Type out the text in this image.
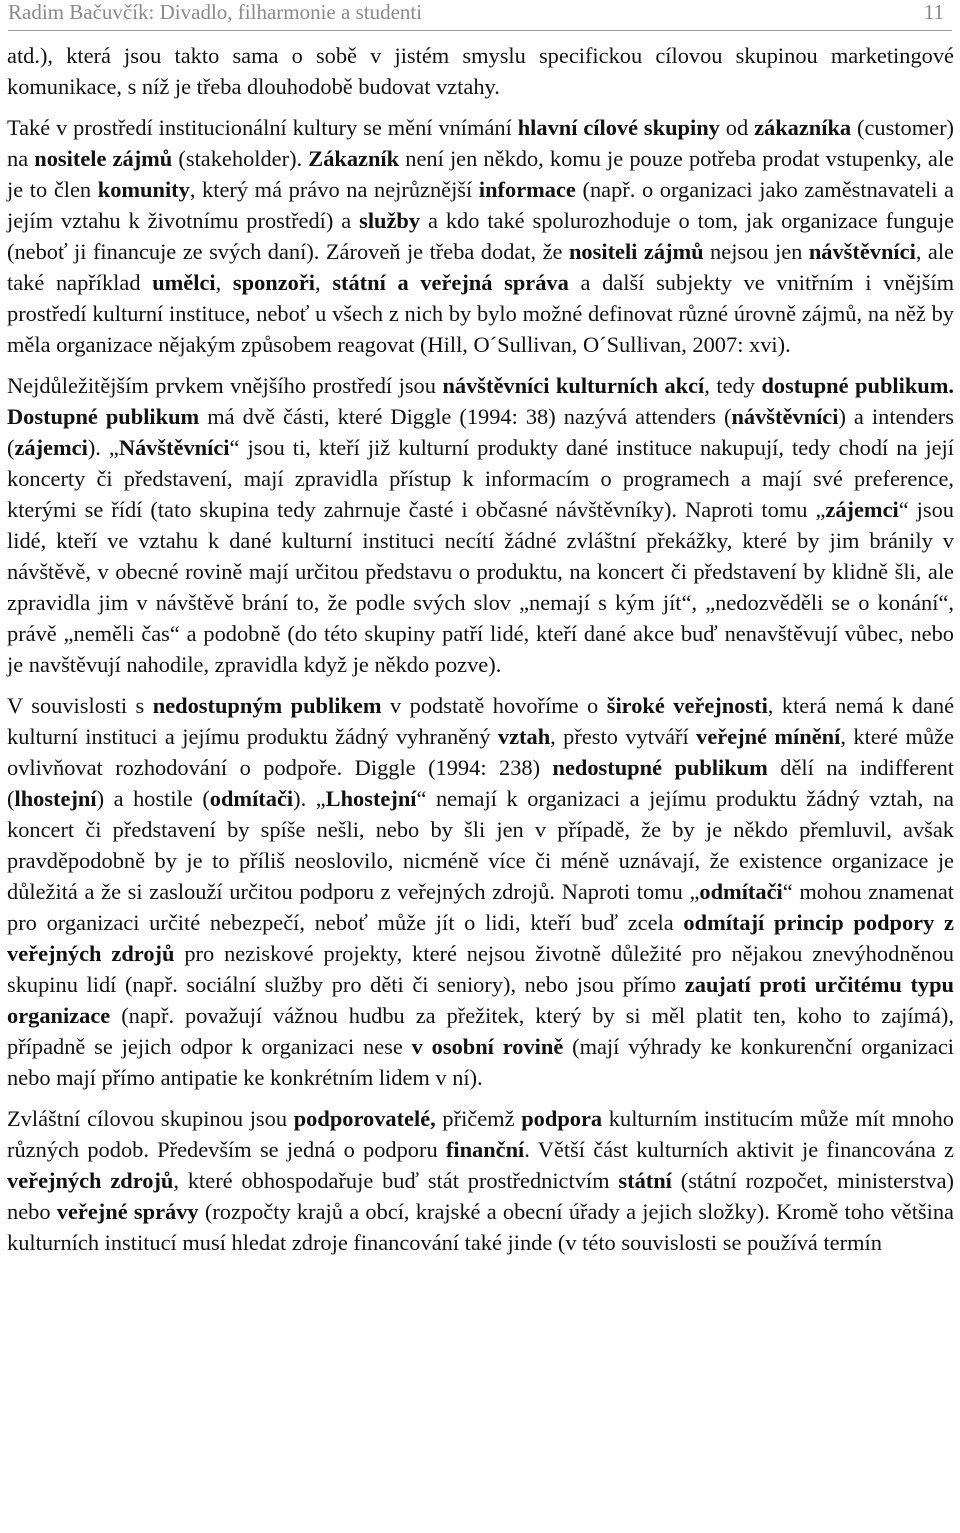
Radim Bačuvčík: Divadlo, filharmonie a studenti	11

atd.), která jsou takto sama o sobě v jistém smyslu specifickou cílovou skupinou marketingové komunikace, s níž je třeba dlouhodobě budovat vztahy.

Také v prostředí institucionální kultury se mění vnímání hlavní cílové skupiny od zákazníka (customer) na nositele zájmů (stakeholder). Zákazník není jen někdo, komu je pouze potřeba prodat vstupenky, ale je to člen komunity, který má právo na nejrůznější informace (např. o organizaci jako zaměstnavateli a jejím vztahu k životnímu prostředí) a služby a kdo také spolurozhoduje o tom, jak organizace funguje (neboť ji financuje ze svých daní). Zároveň je třeba dodat, že nositeli zájmů nejsou jen návštěvníci, ale také například umělci, sponzoři, státní a veřejná správa a další subjekty ve vnitřním i vnějším prostředí kulturní instituce, neboť u všech z nich by bylo možné definovat různé úrovně zájmů, na něž by měla organizace nějakým způsobem reagovat (Hill, O´Sullivan, O´Sullivan, 2007: xvi).

Nejdůležitějším prvkem vnějšího prostředí jsou návštěvníci kulturních akcí, tedy dostupné publikum. Dostupné publikum má dvě části, které Diggle (1994: 38) nazývá attenders (návštěvníci) a intenders (zájemci). „Návštěvníci“ jsou ti, kteří již kulturní produkty dané instituce nakupují, tedy chodí na její koncerty či představení, mají zpravidla přístup k informacím o programech a mají své preference, kterými se řídí (tato skupina tedy zahrnuje časté i občasné návštěvníky). Naproti tomu „zájemci“ jsou lidé, kteří ve vztahu k dané kulturní instituci necítí žádné zvláštní překážky, které by jim bránily v návštěvě, v obecné rovině mají určitou představu o produktu, na koncert či představení by klidně šli, ale zpravidla jim v návštěvě brání to, že podle svých slov „nemají s kým jít“, „nedozvěděli se o konání“, právě „neměli čas“ a podobně (do této skupiny patří lidé, kteří dané akce buď nenavštěvují vůbec, nebo je navštěvují nahodile, zpravidla když je někdo pozve).

V souvislosti s nedostupným publikem v podstatě hovoříme o široké veřejnosti, která nemá k dané kulturní instituci a jejímu produktu žádný vyhraněný vztah, přesto vytváří veřejné mínění, které může ovlivňovat rozhodování o podpoře. Diggle (1994: 238) nedostupné publikum dělí na indifferent (lhostejní) a hostile (odmítači). „Lhostejní“ nemají k organizaci a jejímu produktu žádný vztah, na koncert či představení by spíše nešli, nebo by šli jen v případě, že by je někdo přemluvil, avšak pravděpodobně by je to příliš neoslovilo, nicméně více či méně uznávají, že existence organizace je důležitá a že si zaslouží určitou podporu z veřejných zdrojů. Naproti tomu „odmítači“ mohou znamenat pro organizaci určité nebezpečí, neboť může jít o lidi, kteří buď zcela odmítají princip podpory z veřejných zdrojů pro neziskové projekty, které nejsou životně důležité pro nějakou znevýhodněnou skupinu lidí (např. sociální služby pro děti či seniory), nebo jsou přímo zaujatí proti určitému typu organizace (např. považují vážnou hudbu za přežitek, který by si měl platit ten, koho to zajímá), případně se jejich odpor k organizaci nese v osobní rovině (mají výhrady ke konkurenční organizaci nebo mají přímo antipatie ke konkrétním lidem v ní).

Zvláštní cílovou skupinou jsou podporovatelé, přičemž podpora kulturním institucím může mít mnoho různých podob. Především se jedná o podporu finanční. Větší část kulturních aktivit je financována z veřejných zdrojů, které obhospodařuje buď stát prostřednictvím státní (státní rozpočet, ministerstva) nebo veřejné správy (rozpočty krajů a obcí, krajské a obecní úřady a jejich složky). Kromě toho většina kulturních institucí musí hledat zdroje financování také jinde (v této souvislosti se používá termín
